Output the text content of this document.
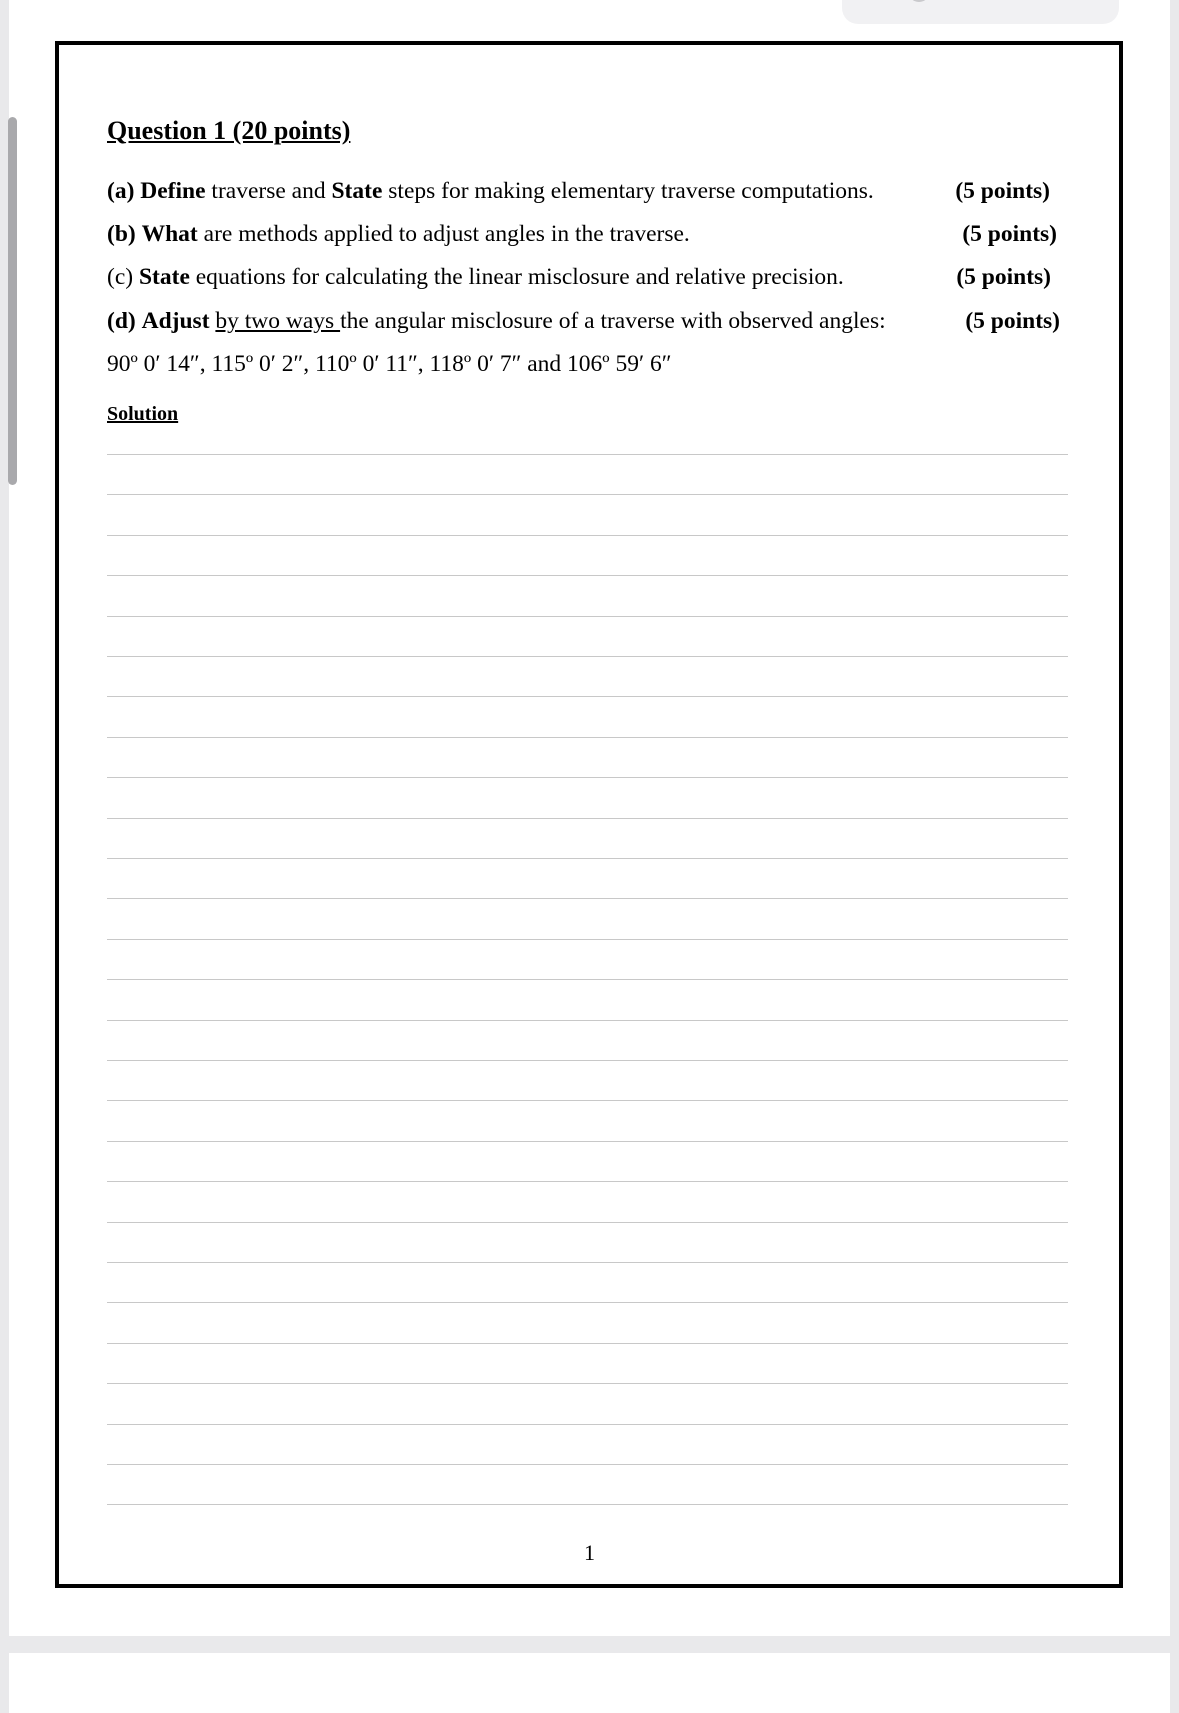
Question 1 (20 points)
(a) Define traverse and State steps for making elementary traverse computations.	(5 points)
(b) What are methods applied to adjust angles in the traverse.	(5 points)
(c) State equations for calculating the linear misclosure and relative precision.	(5 points)
(d) Adjust by two ways the angular misclosure of a traverse with observed angles:	(5 points)
90º 0′ 14″, 115º 0′ 2″, 110º 0′ 11″, 118º 0′ 7″ and 106º 59′ 6″
Solution
1
